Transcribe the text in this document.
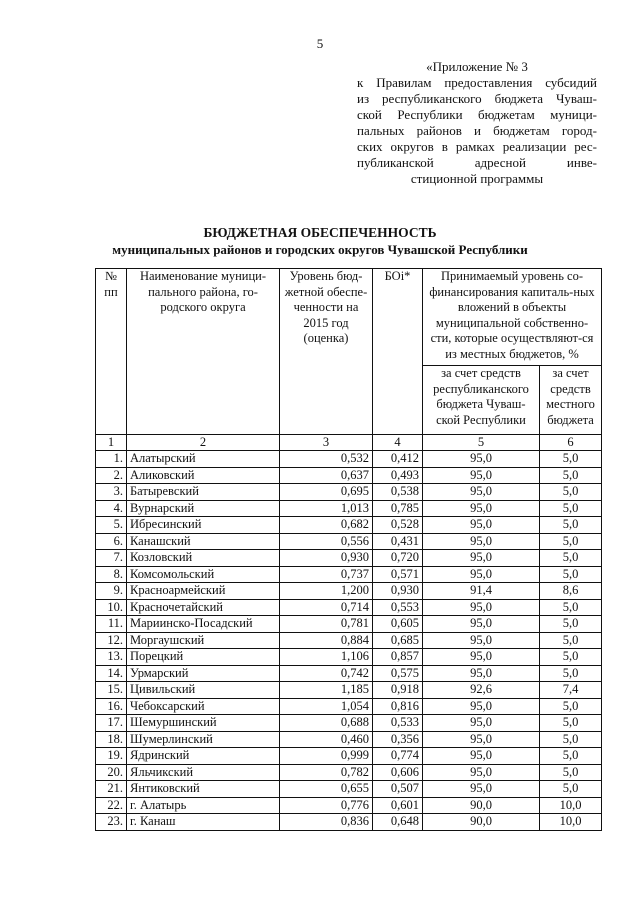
5
«Приложение № 3
к Правилам предоставления субсидий
из республиканского бюджета Чуваш-
ской Республики бюджетам муници-
пальных районов и бюджетам город-
ских округов в рамках реализации рес-
публиканской адресной инве-
стиционной программы
БЮДЖЕТНАЯ ОБЕСПЕЧЕННОСТЬ
муниципальных районов и городских округов Чувашской Республики
№ пп	Наименование муници-пального района, го-родского округа	Уровень бюд-жетной обеспе-ченности на 2015 год (оценка)	БОi*	Принимаемый уровень со-финансирования капиталь-ных вложений в объекты муниципальной собственно-сти, которые осуществляют-ся из местных бюджетов, %	
				за счет средств республиканского бюджета Чуваш-ской Республики	за счет средств местного бюджета
1	2	3	4	5	6
1.	Алатырский	0,532	0,412	95,0	5,0
2.	Аликовский	0,637	0,493	95,0	5,0
3.	Батыревский	0,695	0,538	95,0	5,0
4.	Вурнарский	1,013	0,785	95,0	5,0
5.	Ибресинский	0,682	0,528	95,0	5,0
6.	Канашский	0,556	0,431	95,0	5,0
7.	Козловский	0,930	0,720	95,0	5,0
8.	Комсомольский	0,737	0,571	95,0	5,0
9.	Красноармейский	1,200	0,930	91,4	8,6
10.	Красночетайский	0,714	0,553	95,0	5,0
11.	Мариинско-Посадский	0,781	0,605	95,0	5,0
12.	Моргаушский	0,884	0,685	95,0	5,0
13.	Порецкий	1,106	0,857	95,0	5,0
14.	Урмарский	0,742	0,575	95,0	5,0
15.	Цивильский	1,185	0,918	92,6	7,4
16.	Чебоксарский	1,054	0,816	95,0	5,0
17.	Шемуршинский	0,688	0,533	95,0	5,0
18.	Шумерлинский	0,460	0,356	95,0	5,0
19.	Ядринский	0,999	0,774	95,0	5,0
20.	Яльчикский	0,782	0,606	95,0	5,0
21.	Янтиковский	0,655	0,507	95,0	5,0
22.	г. Алатырь	0,776	0,601	90,0	10,0
23.	г. Канаш	0,836	0,648	90,0	10,0
